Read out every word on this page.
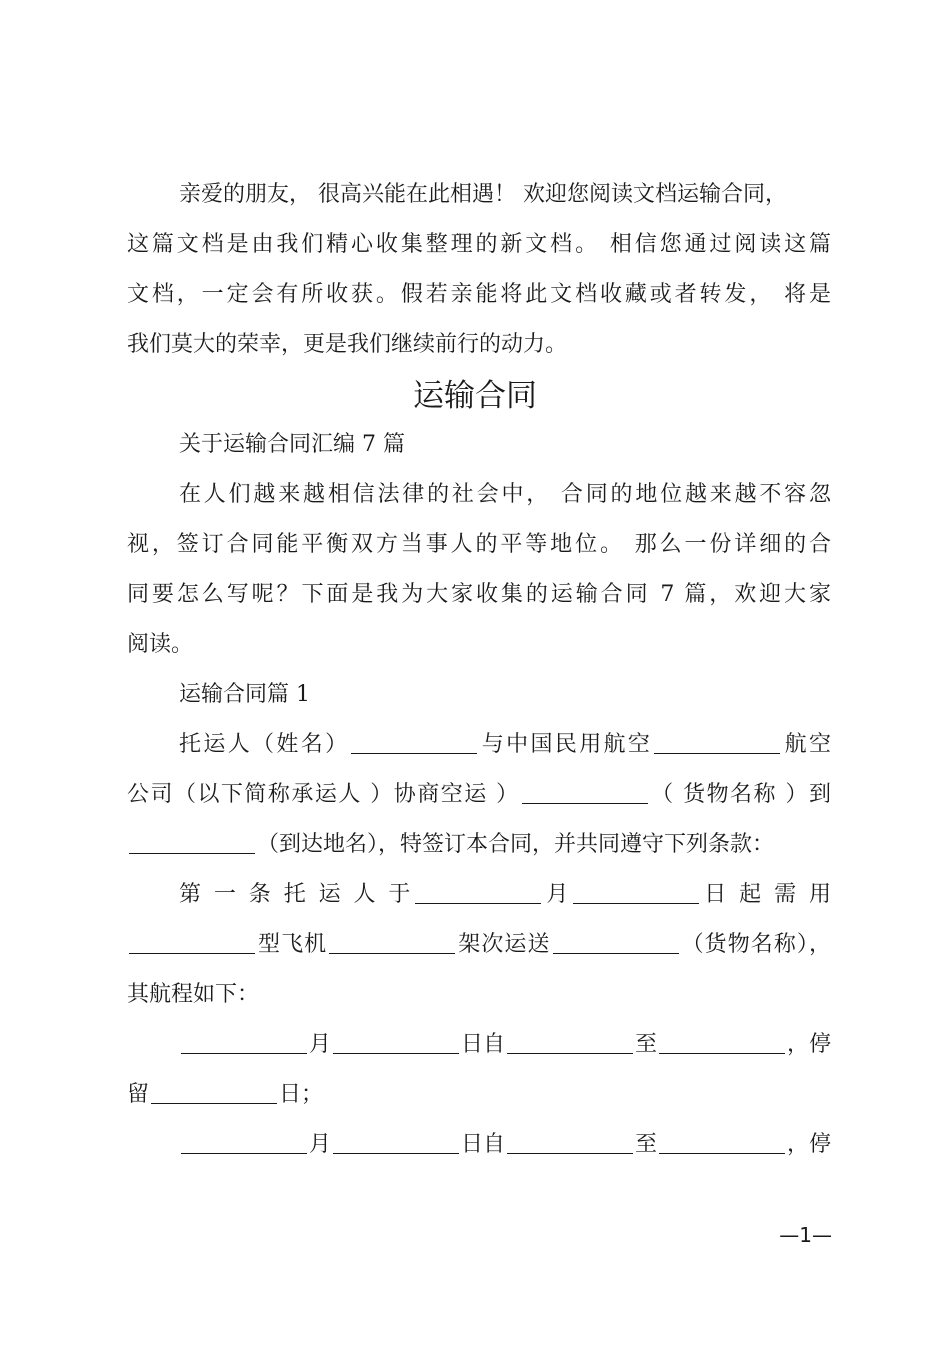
亲爱的朋友， 很高兴能在此相遇！ 欢迎您阅读文档运输合同，
这篇文档是由我们精心收集整理的新文档。 相信您通过阅读这篇
文档，一定会有所收获。假若亲能将此文档收藏或者转发， 将是
我们莫大的荣幸，更是我们继续前行的动力。
运输合同
关于运输合同汇编 7 篇
在人们越来越相信法律的社会中， 合同的地位越来越不容忽
视，签订合同能平衡双方当事人的平等地位。 那么一份详细的合
同要怎么写呢？下面是我为大家收集的运输合同 7 篇，欢迎大家
阅读。
运输合同篇 1
托运人（姓名）	与中国民用航空	航空
公司（以下简称承运人 ）协商空运 ）	（ 货物名称 ）到
（到达地名），特签订本合同，并共同遵守下列条款：
第 一 条 托 运 人 于	月	日 起 需 用
型飞机	架次运送	（货物名称），
其航程如下：
月	日自	至	，停
留	日；
月	日自	至	，停
—1—
